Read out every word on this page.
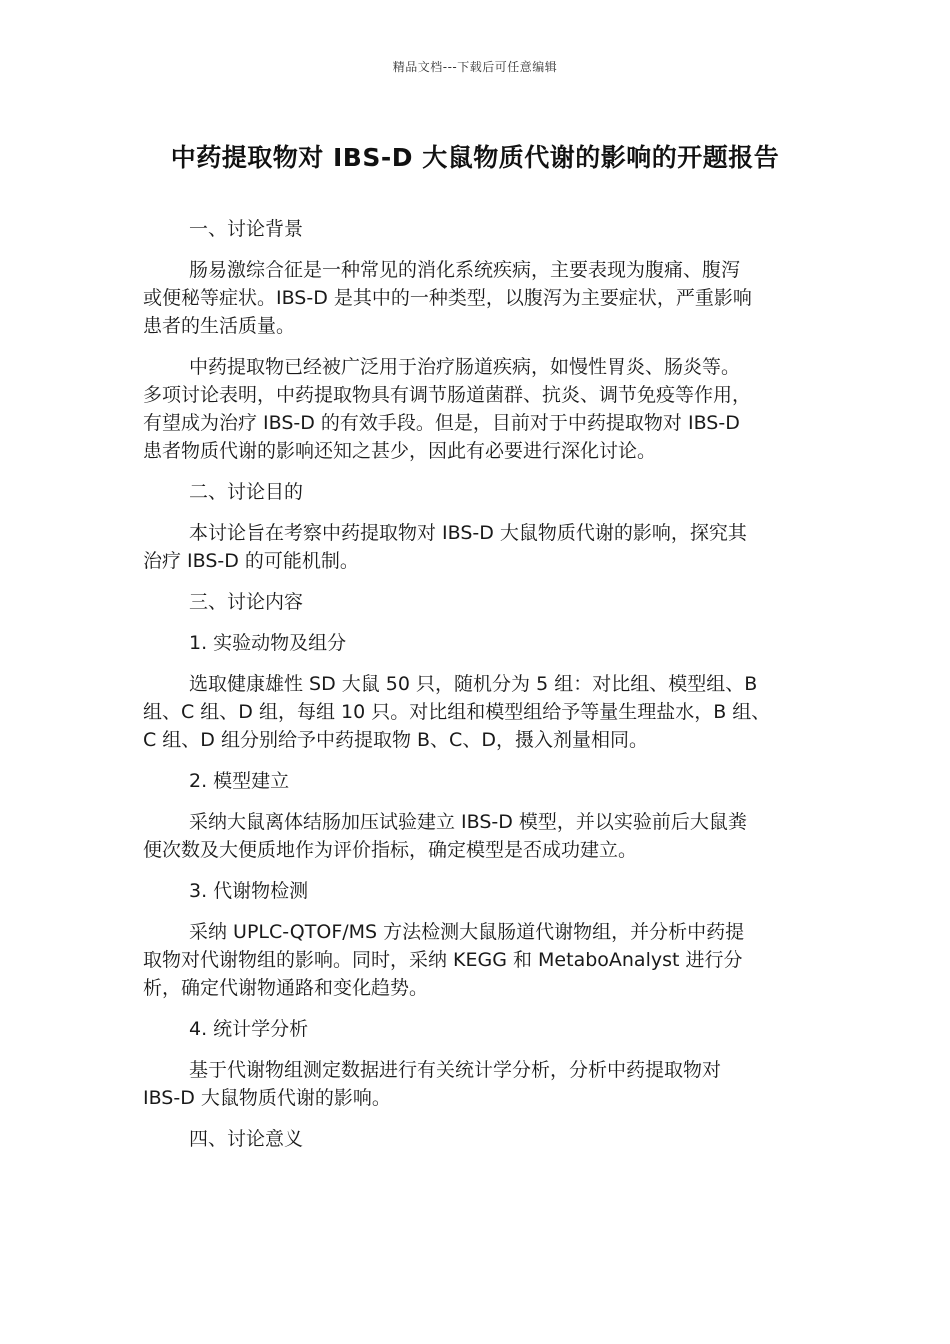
精品文档---下载后可任意编辑
中药提取物对 IBS-D 大鼠物质代谢的影响的开题报告

一、讨论背景

肠易激综合征是一种常见的消化系统疾病，主要表现为腹痛、腹泻
或便秘等症状。IBS-D 是其中的一种类型，以腹泻为主要症状，严重影响
患者的生活质量。

中药提取物已经被广泛用于治疗肠道疾病，如慢性胃炎、肠炎等。
多项讨论表明，中药提取物具有调节肠道菌群、抗炎、调节免疫等作用，
有望成为治疗 IBS-D 的有效手段。但是，目前对于中药提取物对 IBS-D
患者物质代谢的影响还知之甚少，因此有必要进行深化讨论。

二、讨论目的

本讨论旨在考察中药提取物对 IBS-D 大鼠物质代谢的影响，探究其
治疗 IBS-D 的可能机制。

三、讨论内容

1. 实验动物及组分

选取健康雄性 SD 大鼠 50 只，随机分为 5 组：对比组、模型组、B
组、C 组、D 组，每组 10 只。对比组和模型组给予等量生理盐水，B 组、
C 组、D 组分别给予中药提取物 B、C、D，摄入剂量相同。

2. 模型建立

采纳大鼠离体结肠加压试验建立 IBS-D 模型，并以实验前后大鼠粪
便次数及大便质地作为评价指标，确定模型是否成功建立。

3. 代谢物检测

采纳 UPLC-QTOF/MS 方法检测大鼠肠道代谢物组，并分析中药提
取物对代谢物组的影响。同时，采纳 KEGG 和 MetaboAnalyst 进行分
析，确定代谢物通路和变化趋势。

4. 统计学分析

基于代谢物组测定数据进行有关统计学分析，分析中药提取物对
IBS-D 大鼠物质代谢的影响。

四、讨论意义
